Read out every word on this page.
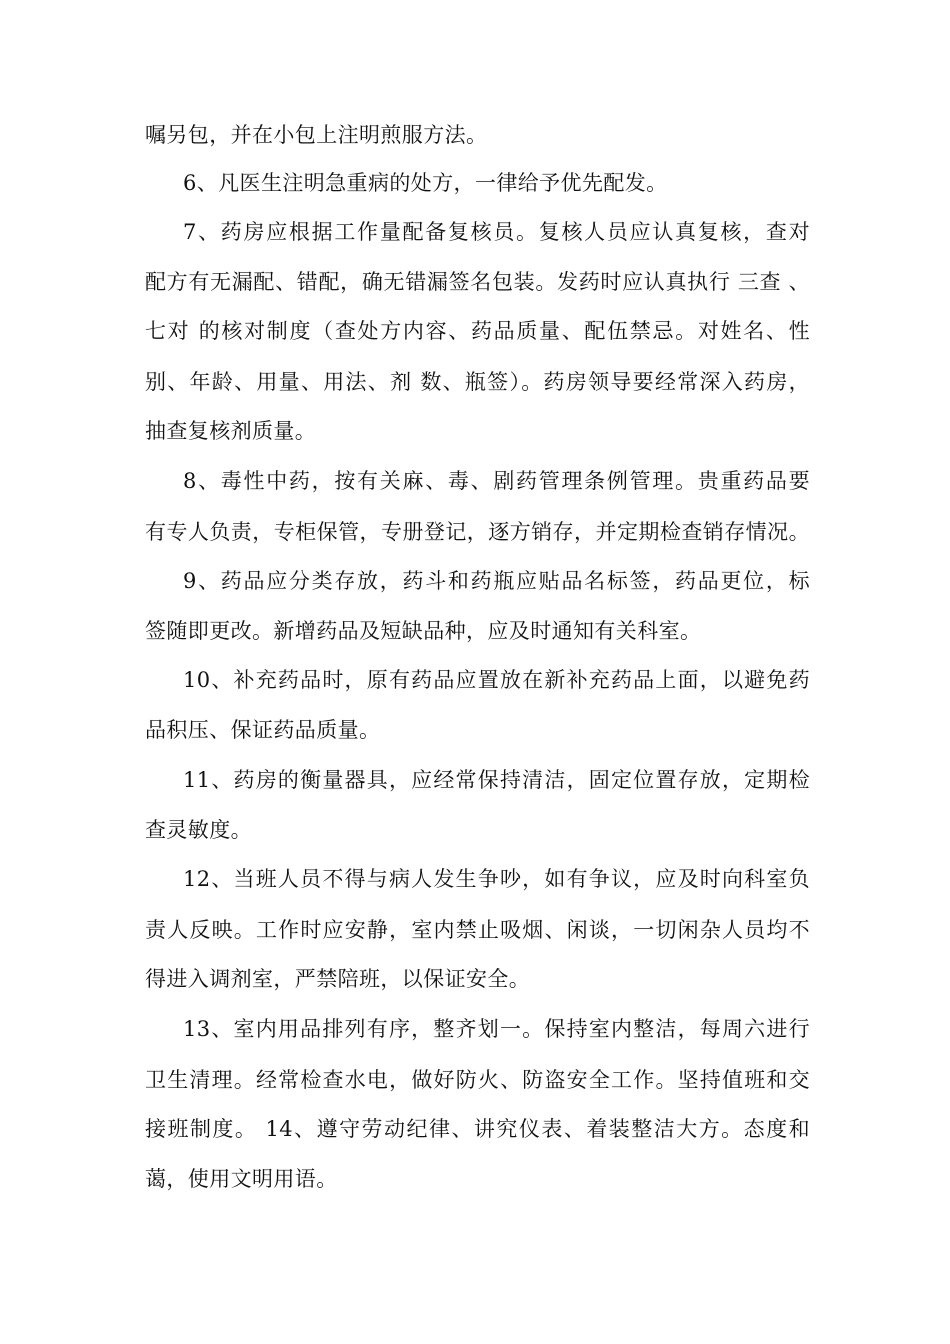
嘱另包，并在小包上注明煎服方法。
6、凡医生注明急重病的处方，一律给予优先配发。
7、药房应根据工作量配备复核员。复核人员应认真复核，查对
配方有无漏配、错配，确无错漏签名包装。发药时应认真执行 三查 、
七对 的核对制度（查处方内容、药品质量、配伍禁忌。对姓名、性
别、年龄、用量、用法、剂 数、瓶签）。药房领导要经常深入药房，
抽查复核剂质量。
8、毒性中药，按有关麻、毒、剧药管理条例管理。贵重药品要
有专人负责，专柜保管，专册登记，逐方销存，并定期检查销存情况。
9、药品应分类存放，药斗和药瓶应贴品名标签，药品更位，标
签随即更改。新增药品及短缺品种，应及时通知有关科室。
10、补充药品时，原有药品应置放在新补充药品上面，以避免药
品积压、保证药品质量。
11、药房的衡量器具，应经常保持清洁，固定位置存放，定期检
查灵敏度。
12、当班人员不得与病人发生争吵，如有争议，应及时向科室负
责人反映。工作时应安静，室内禁止吸烟、闲谈，一切闲杂人员均不
得进入调剂室，严禁陪班，以保证安全。
13、室内用品排列有序，整齐划一。保持室内整洁，每周六进行
卫生清理。经常检查水电，做好防火、防盗安全工作。坚持值班和交
接班制度。 14、遵守劳动纪律、讲究仪表、着装整洁大方。态度和
蔼，使用文明用语。
